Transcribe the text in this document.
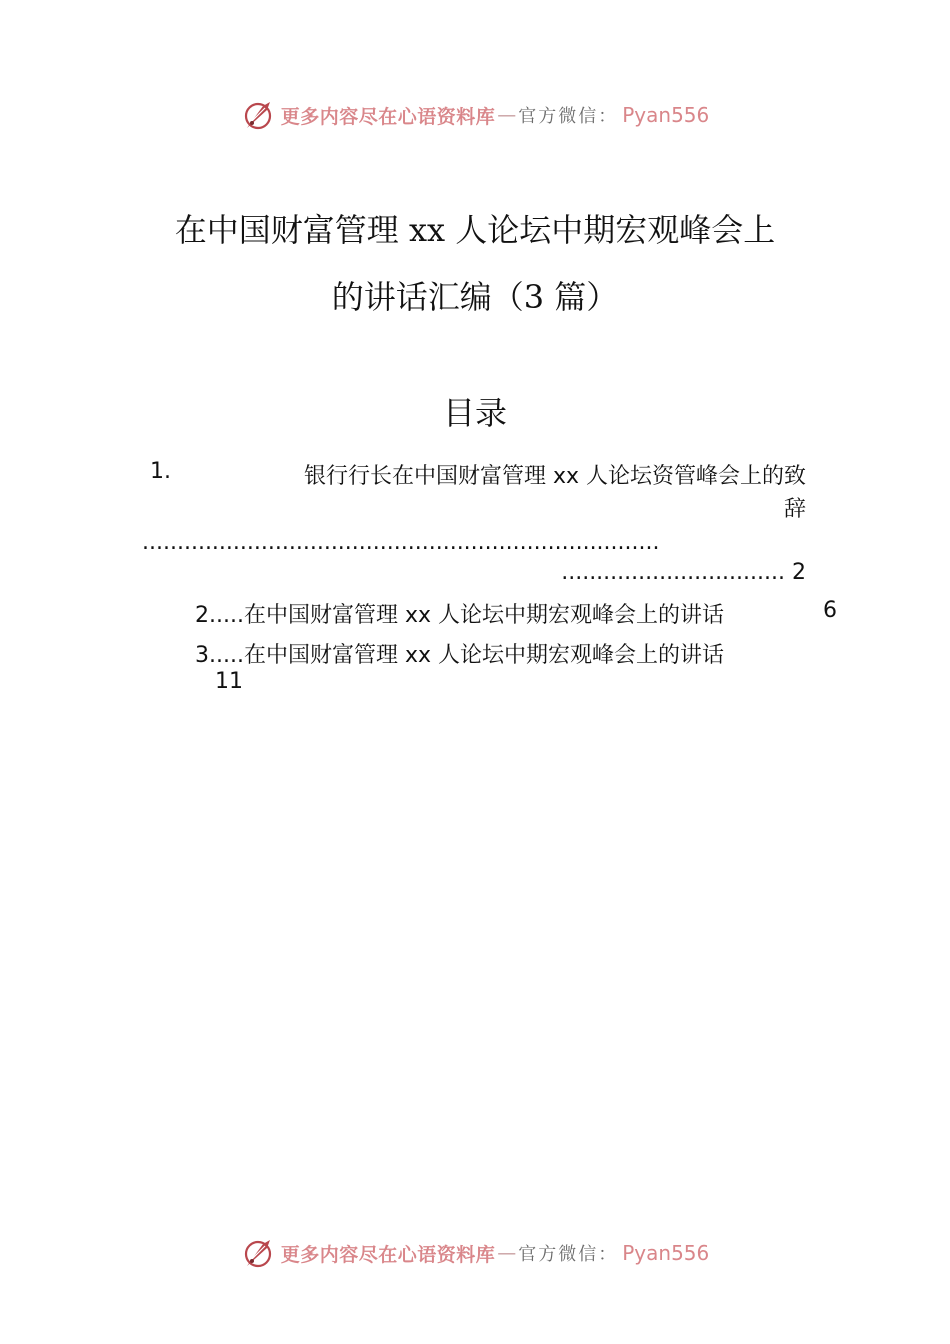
更多内容尽在心语资料库 — 官方微信： Pyan556
在中国财富管理 xx 人论坛中期宏观峰会上
的讲话汇编（3 篇）
目录
1.	银行行长在中国财富管理 xx 人论坛资管峰会上的致
辞
..........................................................................
................................ 2
2.....在中国财富管理 xx 人论坛中期宏观峰会上的讲话	6
3.....在中国财富管理 xx 人论坛中期宏观峰会上的讲话
11
更多内容尽在心语资料库 — 官方微信： Pyan556
